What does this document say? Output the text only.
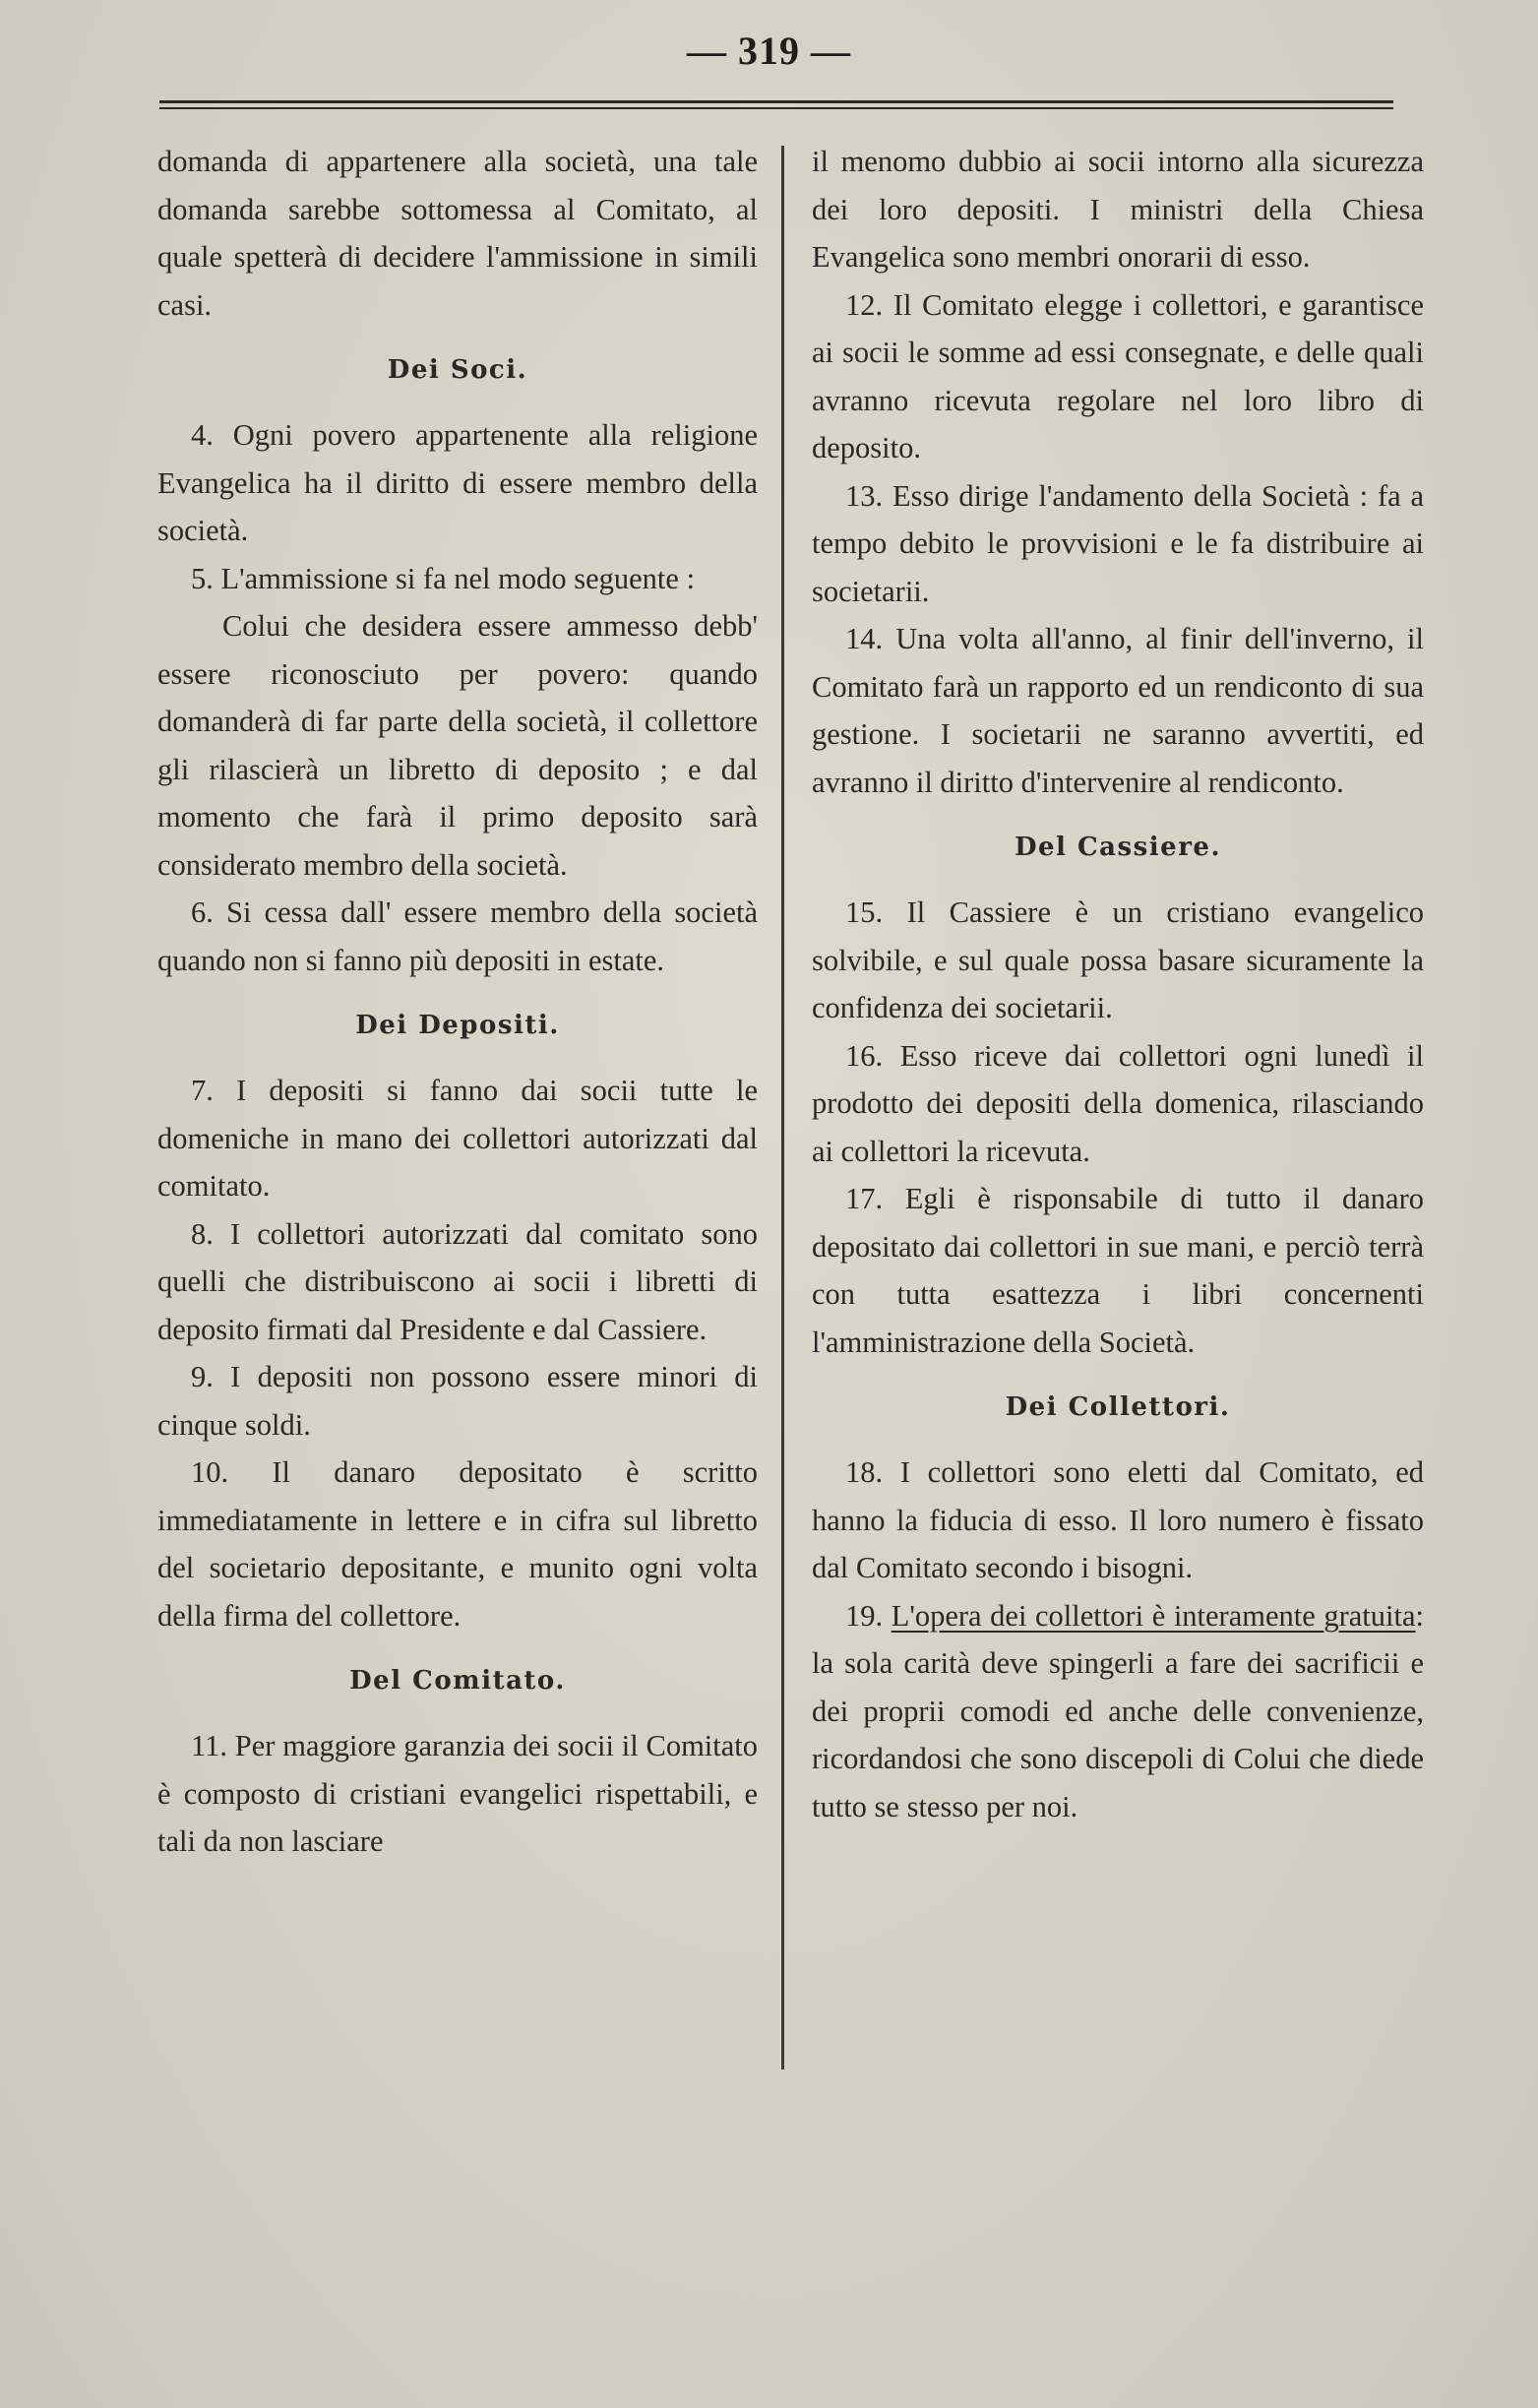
— 319 —

domanda di appartenere alla società, una tale domanda sarebbe sottomessa al Comitato, al quale spetterà di decidere l'ammissione in simili casi.

Dei Soci.

4. Ogni povero appartenente alla religione Evangelica ha il diritto di essere membro della società.

5. L'ammissione si fa nel modo seguente :

Colui che desidera essere ammesso debb' essere riconosciuto per povero: quando domanderà di far parte della società, il collettore gli rilascierà un libretto di deposito ; e dal momento che farà il primo deposito sarà considerato membro della società.

6. Si cessa dall' essere membro della società quando non si fanno più depositi in estate.

Dei Depositi.

7. I depositi si fanno dai socii tutte le domeniche in mano dei collettori autorizzati dal comitato.

8. I collettori autorizzati dal comitato sono quelli che distribuiscono ai socii i libretti di deposito firmati dal Presidente e dal Cassiere.

9. I depositi non possono essere minori di cinque soldi.

10. Il danaro depositato è scritto immediatamente in lettere e in cifra sul libretto del societario depositante, e munito ogni volta della firma del collettore.

Del Comitato.

11. Per maggiore garanzia dei socii il Comitato è composto di cristiani evangelici rispettabili, e tali da non lasciare

il menomo dubbio ai socii intorno alla sicurezza dei loro depositi. I ministri della Chiesa Evangelica sono membri onorarii di esso.

12. Il Comitato elegge i collettori, e garantisce ai socii le somme ad essi consegnate, e delle quali avranno ricevuta regolare nel loro libro di deposito.

13. Esso dirige l'andamento della Società : fa a tempo debito le provvisioni e le fa distribuire ai societarii.

14. Una volta all'anno, al finir dell'inverno, il Comitato farà un rapporto ed un rendiconto di sua gestione. I societarii ne saranno avvertiti, ed avranno il diritto d'intervenire al rendiconto.

Del Cassiere.

15. Il Cassiere è un cristiano evangelico solvibile, e sul quale possa basare sicuramente la confidenza dei societarii.

16. Esso riceve dai collettori ogni lunedì il prodotto dei depositi della domenica, rilasciando ai collettori la ricevuta.

17. Egli è risponsabile di tutto il danaro depositato dai collettori in sue mani, e perciò terrà con tutta esattezza i libri concernenti l'amministrazione della Società.

Dei Collettori.

18. I collettori sono eletti dal Comitato, ed hanno la fiducia di esso. Il loro numero è fissato dal Comitato secondo i bisogni.

19. L'opera dei collettori è interamente gratuita: la sola carità deve spingerli a fare dei sacrificii e dei proprii comodi ed anche delle convenienze, ricordandosi che sono discepoli di Colui che diede tutto se stesso per noi.
